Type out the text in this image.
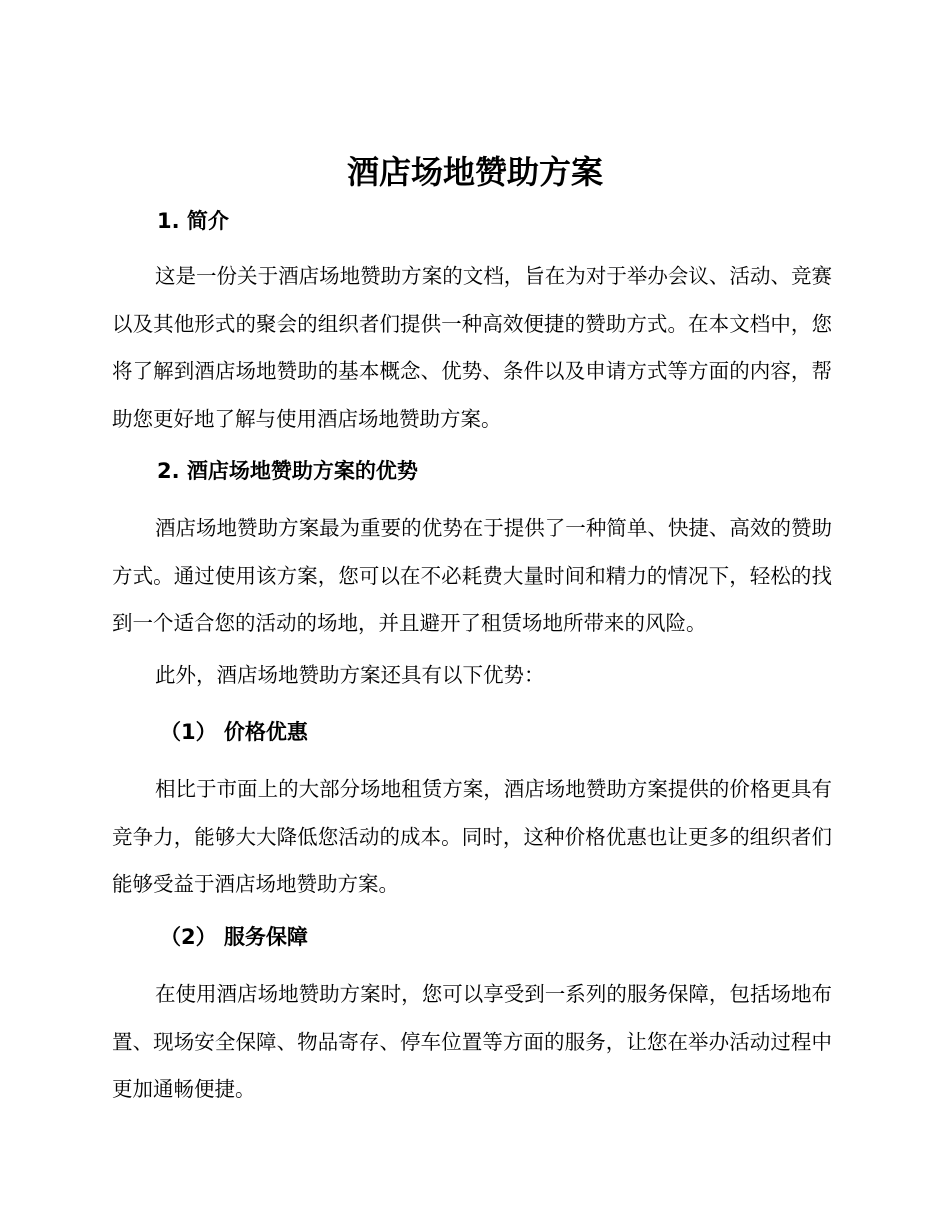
酒店场地赞助方案
1. 简介

这是一份关于酒店场地赞助方案的文档，旨在为对于举办会议、活动、竞赛以及其他形式的聚会的组织者们提供一种高效便捷的赞助方式。在本文档中，您将了解到酒店场地赞助的基本概念、优势、条件以及申请方式等方面的内容，帮助您更好地了解与使用酒店场地赞助方案。

2. 酒店场地赞助方案的优势

酒店场地赞助方案最为重要的优势在于提供了一种简单、快捷、高效的赞助方式。通过使用该方案，您可以在不必耗费大量时间和精力的情况下，轻松的找到一个适合您的活动的场地，并且避开了租赁场地所带来的风险。

此外，酒店场地赞助方案还具有以下优势：

（1） 价格优惠

相比于市面上的大部分场地租赁方案，酒店场地赞助方案提供的价格更具有竞争力，能够大大降低您活动的成本。同时，这种价格优惠也让更多的组织者们能够受益于酒店场地赞助方案。

（2） 服务保障

在使用酒店场地赞助方案时，您可以享受到一系列的服务保障，包括场地布置、现场安全保障、物品寄存、停车位置等方面的服务，让您在举办活动过程中更加通畅便捷。
